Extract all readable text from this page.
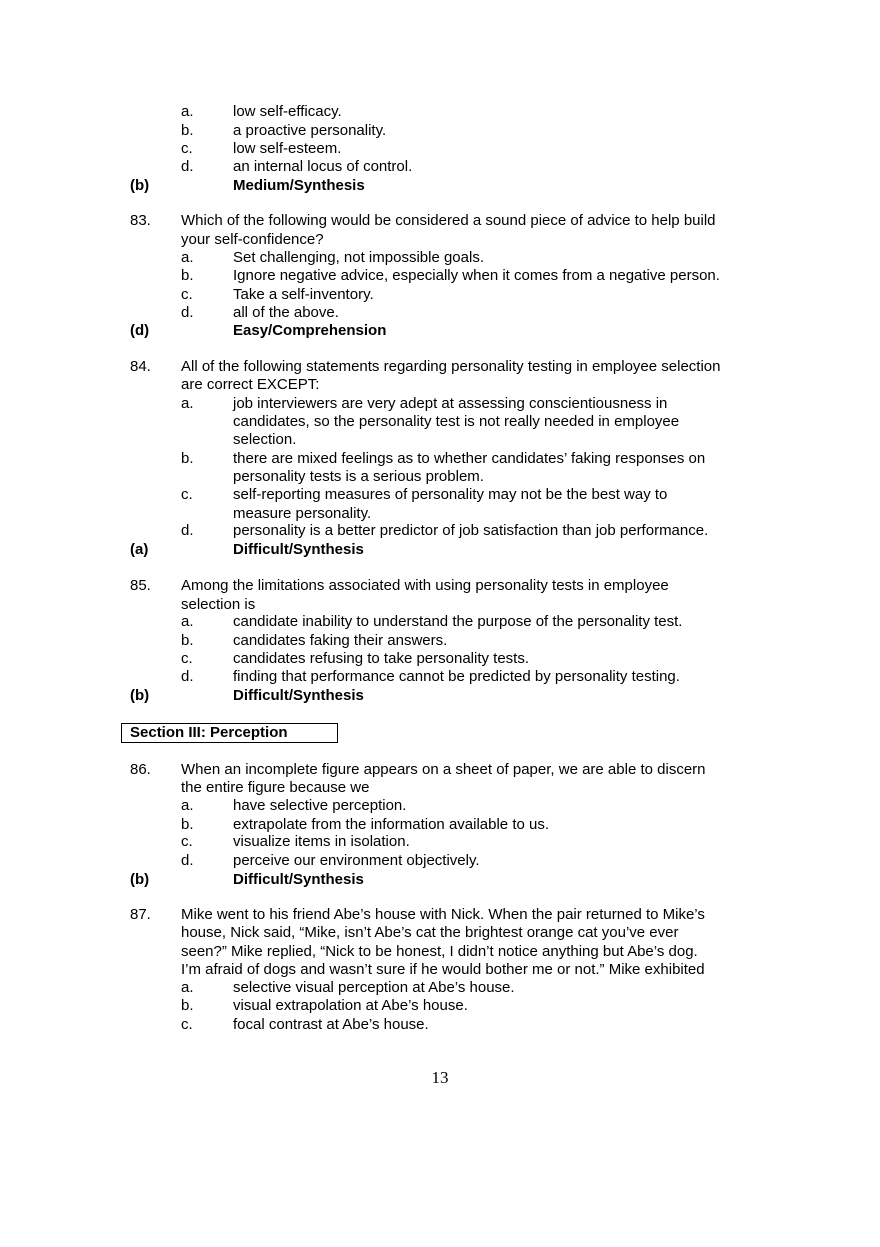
a.	low self-efficacy.
b.	a proactive personality.
c.	low self-esteem.
d.	an internal locus of control.
(b)	Medium/Synthesis
83. Which of the following would be considered a sound piece of advice to help build
your self-confidence?
a.	Set challenging, not impossible goals.
b.	Ignore negative advice, especially when it comes from a negative person.
c.	Take a self-inventory.
d.	all of the above.
(d)	Easy/Comprehension
84. All of the following statements regarding personality testing in employee selection
are correct EXCEPT:
a.	job interviewers are very adept at assessing conscientiousness in
candidates, so the personality test is not really needed in employee
selection.
b.	there are mixed feelings as to whether candidates’ faking responses on
personality tests is a serious problem.
c.	self-reporting measures of personality may not be the best way to
measure personality.
d.	personality is a better predictor of job satisfaction than job performance.
(a)	Difficult/Synthesis
85. Among the limitations associated with using personality tests in employee
selection is
a.	candidate inability to understand the purpose of the personality test.
b.	candidates faking their answers.
c.	candidates refusing to take personality tests.
d.	finding that performance cannot be predicted by personality testing.
(b)	Difficult/Synthesis
Section III: Perception
86. When an incomplete figure appears on a sheet of paper, we are able to discern
the entire figure because we
a.	have selective perception.
b.	extrapolate from the information available to us.
c.	visualize items in isolation.
d.	perceive our environment objectively.
(b)	Difficult/Synthesis
87. Mike went to his friend Abe’s house with Nick. When the pair returned to Mike’s
house, Nick said, “Mike, isn’t Abe’s cat the brightest orange cat you’ve ever
seen?” Mike replied, “Nick to be honest, I didn’t notice anything but Abe’s dog.
I’m afraid of dogs and wasn’t sure if he would bother me or not.” Mike exhibited
a.	selective visual perception at Abe’s house.
b.	visual extrapolation at Abe’s house.
c.	focal contrast at Abe’s house.
13
